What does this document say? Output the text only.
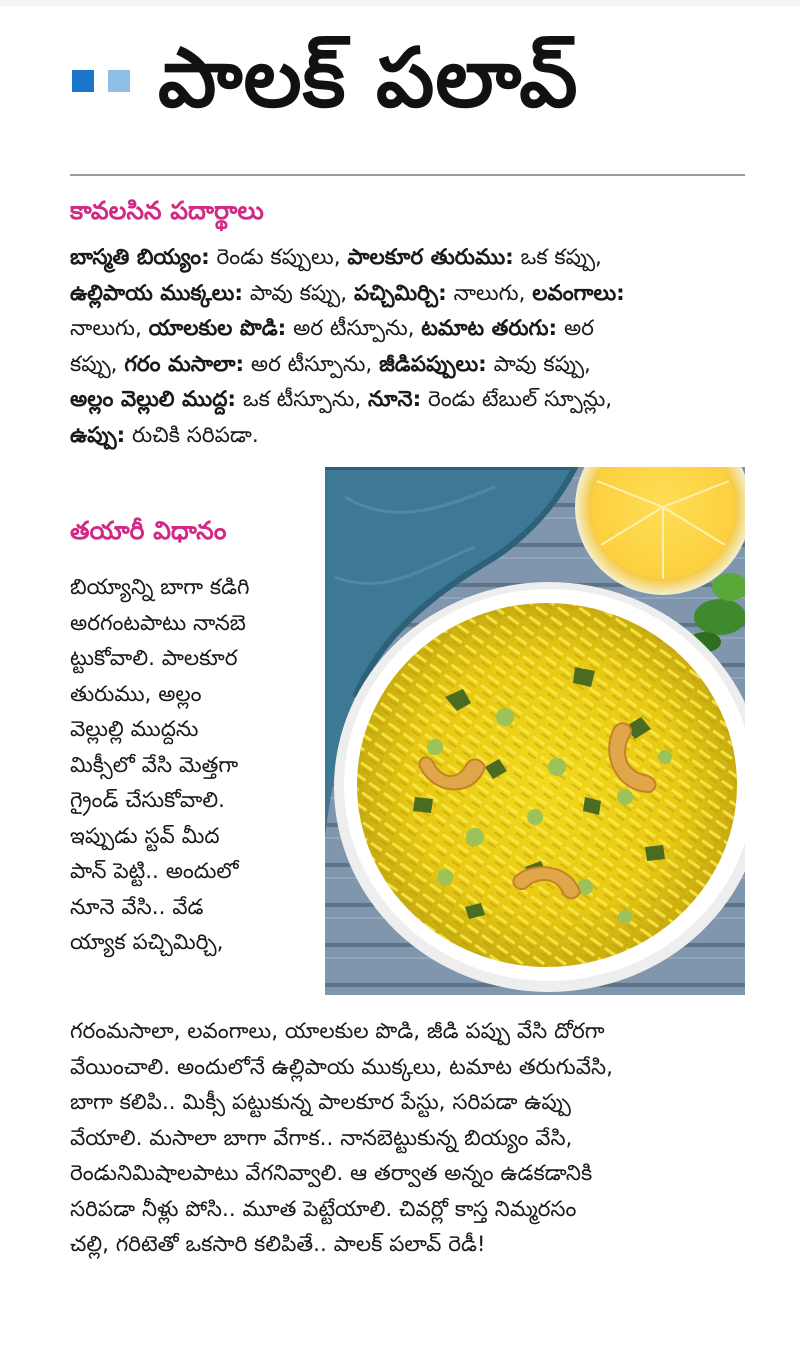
పాలక్ పలావ్
కావలసిన పదార్థాలు
బాస్మతి బియ్యం: రెండు కప్పులు, పాలకూర తురుము: ఒక కప్పు,
ఉల్లిపాయ ముక్కలు: పావు కప్పు, పచ్చిమిర్చి: నాలుగు, లవంగాలు:
నాలుగు, యాలకుల పొడి: అర టీస్పూను, టమాట తరుగు: అర
కప్పు, గరం మసాలా: అర టీస్పూను, జీడిపప్పులు: పావు కప్పు,
అల్లం వెల్లులి ముద్ద: ఒక టీస్పూను, నూనె: రెండు టేబుల్ స్పూన్లు,
ఉప్పు: రుచికి సరిపడా.
తయారీ విధానం
బియ్యాన్ని బాగా కడిగి
అరగంటపాటు నానబె
ట్టుకోవాలి. పాలకూర
తురుము, అల్లం
వెల్లుల్లి ముద్దను
మిక్సీలో వేసి మెత్తగా
గ్రైండ్ చేసుకోవాలి.
ఇప్పుడు స్టవ్ మీద
పాన్ పెట్టి.. అందులో
నూనె వేసి.. వేడ
య్యాక పచ్చిమిర్చి,
గరంమసాలా, లవంగాలు, యాలకుల పొడి, జీడి పప్పు వేసి దోరగా
వేయించాలి. అందులోనే ఉల్లిపాయ ముక్కలు, టమాట తరుగువేసి,
బాగా కలిపి.. మిక్సీ పట్టుకున్న పాలకూర పేస్టు, సరిపడా ఉప్పు
వేయాలి. మసాలా బాగా వేగాక.. నానబెట్టుకున్న బియ్యం వేసి,
రెండునిమిషాలపాటు వేగనివ్వాలి. ఆ తర్వాత అన్నం ఉడకడానికి
సరిపడా నీళ్లు పోసి.. మూత పెట్టేయాలి. చివర్లో కాస్త నిమ్మరసం
చల్లి, గరిటెతో ఒకసారి కలిపితే.. పాలక్ పలావ్ రెడీ!
